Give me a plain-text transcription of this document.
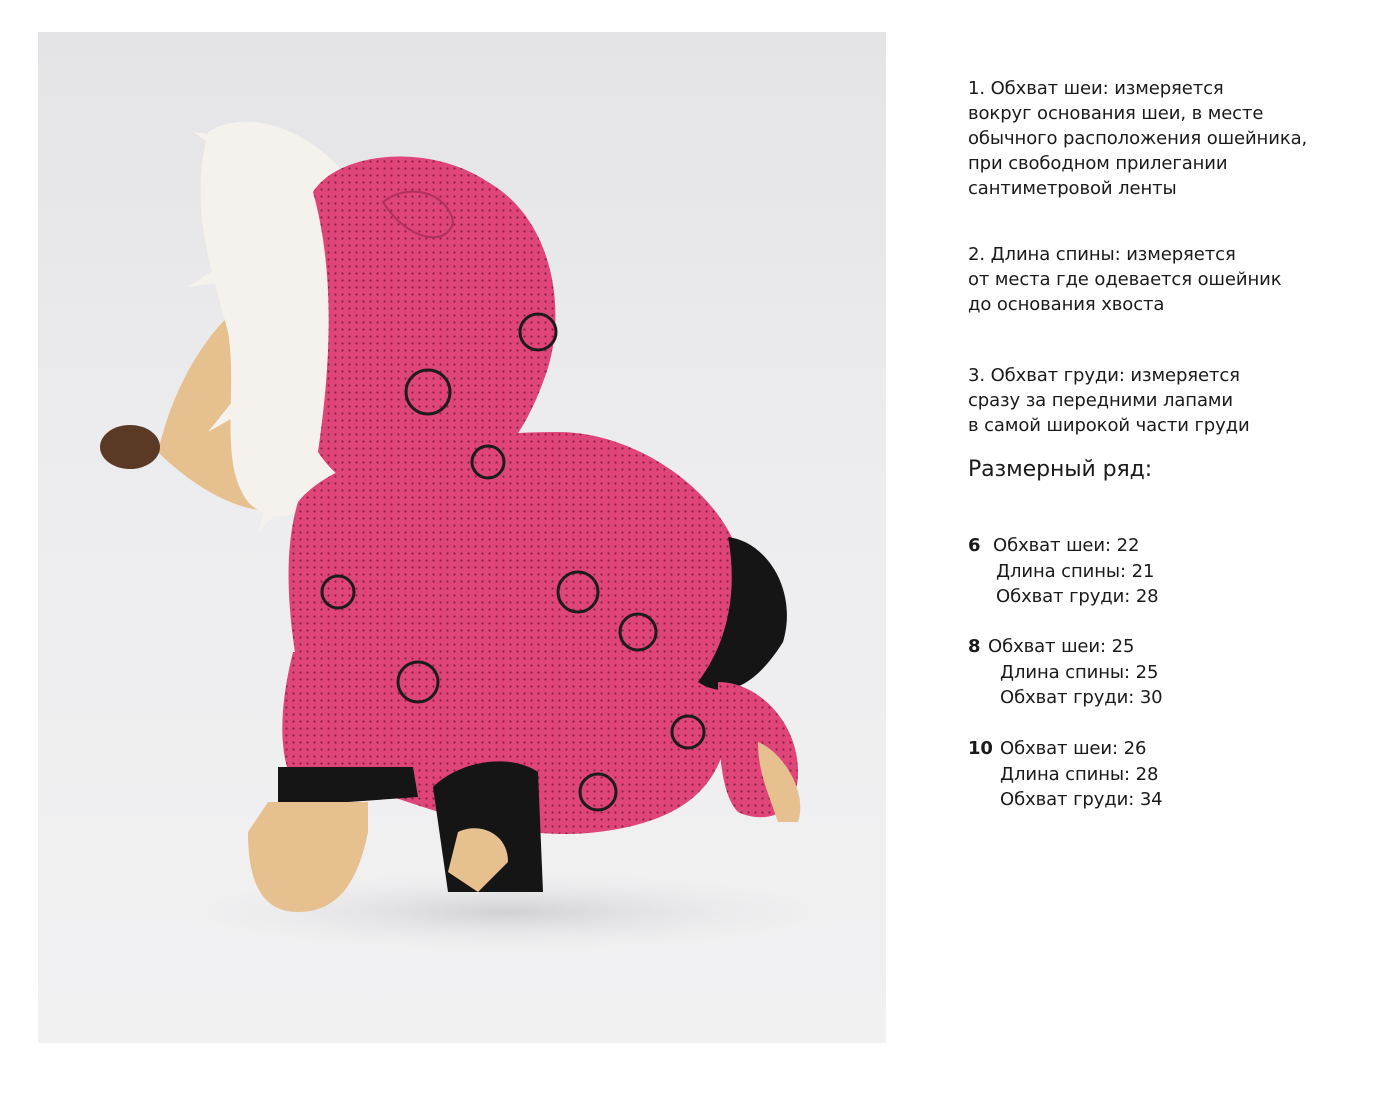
1. Обхват шеи: измеряется
вокруг основания шеи, в месте
обычного расположения ошейника,
при свободном прилегании
сантиметровой ленты
2. Длина спины: измеряется
от места где одевается ошейник
до основания хвоста
3. Обхват груди: измеряется
сразу за передними лапами
в самой широкой части груди
Размерный ряд:
6 Обхват шеи: 22
Длина спины: 21
Обхват груди: 28
8 Обхват шеи: 25
Длина спины: 25
Обхват груди: 30
10 Обхват шеи: 26
Длина спины: 28
Обхват груди: 34
